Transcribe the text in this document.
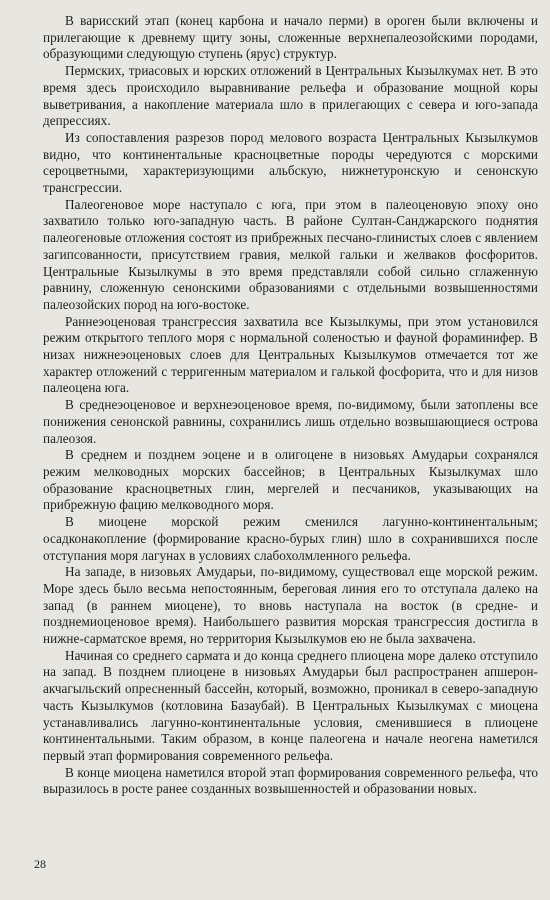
В варисский этап (конец карбона и начало перми) в ороген были включены и прилегающие к древнему щиту зоны, сложенные верхнепалеозойскими породами, образующими следующую ступень (ярус) структур.

Пермских, триасовых и юрских отложений в Центральных Кызылкумах нет. В это время здесь происходило выравнивание рельефа и образование мощной коры выветривания, а накопление материала шло в прилегающих с севера и юго-запада депрессиях.

Из сопоставления разрезов пород мелового возраста Центральных Кызылкумов видно, что континентальные красноцветные породы чередуются с морскими сероцветными, характеризующими альбскую, нижнетуронскую и сенонскую трансгрессии.

Палеогеновое море наступало с юга, при этом в палеоценовую эпоху оно захватило только юго-западную часть. В районе Султан-Санджарского поднятия палеогеновые отложения состоят из прибрежных песчано-глинистых слоев с явлением загипсованности, присутствием гравия, мелкой гальки и желваков фосфоритов. Центральные Кызылкумы в это время представляли собой сильно сглаженную равнину, сложенную сенонскими образованиями с отдельными возвышенностями палеозойских пород на юго-востоке.

Раннеэоценовая трансгрессия захватила все Кызылкумы, при этом установился режим открытого теплого моря с нормальной соленостью и фауной фораминифер. В низах нижнеэоценовых слоев для Центральных Кызылкумов отмечается тот же характер отложений с терригенным материалом и галькой фосфорита, что и для низов палеоцена юга.

В среднеэоценовое и верхнеэоценовое время, по-видимому, были затоплены все понижения сенонской равнины, сохранились лишь отдельно возвышающиеся острова палеозоя.

В среднем и позднем эоцене и в олигоцене в низовьях Амударьи сохранялся режим мелководных морских бассейнов; в Центральных Кызылкумах шло образование красноцветных глин, мергелей и песчаников, указывающих на прибрежную фацию мелководного моря.

В миоцене морской режим сменился лагунно-континентальным; осадконакопление (формирование красно-бурых глин) шло в сохранившихся после отступания моря лагунах в условиях слабохолмленного рельефа.

На западе, в низовьях Амударьи, по-видимому, существовал еще морской режим. Море здесь было весьма непостоянным, береговая линия его то отступала далеко на запад (в раннем миоцене), то вновь наступала на восток (в средне- и позднемиоценовое время). Наибольшего развития морская трансгрессия достигла в нижне-сарматское время, но территория Кызылкумов ею не была захвачена.

Начиная со среднего сармата и до конца среднего плиоцена море далеко отступило на запад. В позднем плиоцене в низовьях Амударьи был распространен апшерон-акчагыльский опресненный бассейн, который, возможно, проникал в северо-западную часть Кызылкумов (котловина Базаубай). В Центральных Кызылкумах с миоцена устанавливались лагунно-континентальные условия, сменившиеся в плиоцене континентальными. Таким образом, в конце палеогена и начале неогена наметился первый этап формирования современного рельефа.

В конце миоцена наметился второй этап формирования современного рельефа, что выразилось в росте ранее созданных возвышенностей и образовании новых.

28
